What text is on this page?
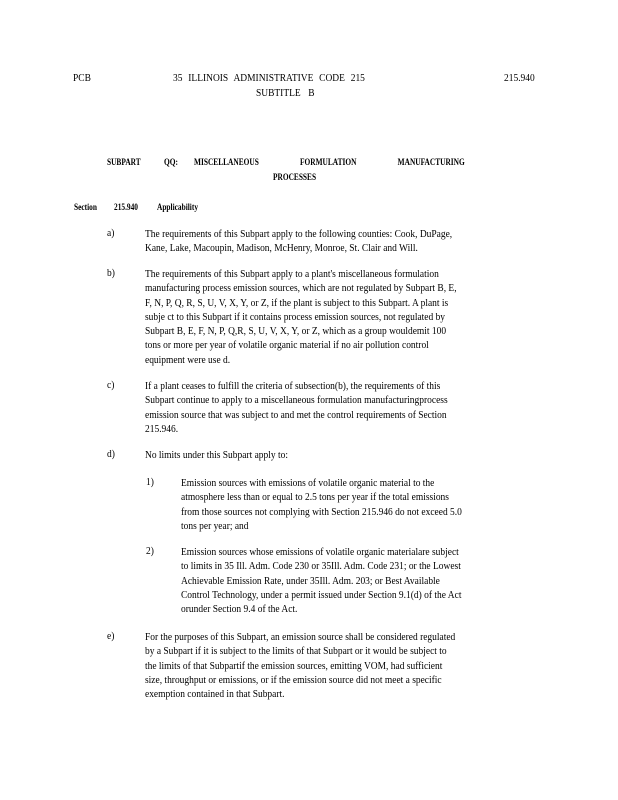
PCB	35 ILLINOIS ADMINISTRATIVE CODE 215
SUBTITLE B
215.940
SUBPART	QQ: MISCELLANEOUS FORMULATION MANUFACTURING
PROCESSES
Section 215.940 Applicability
a)	The requirements of this Subpart apply to the following counties: Cook, DuPage,
Kane, Lake, Macoupin, Madison, McHenry, Monroe, St. Clair and Will.
b)	The requirements of this Subpart apply to a plant's miscellaneous formulation
manufacturing process emission sources, which are not regulated by Subpart B, E,
F, N, P, Q, R, S, U, V, X, Y, or Z, if the plant is subject to this Subpart. A plant is
subje ct to this Subpart if it contains process emission sources, not regulated by
Subpart B, E, F, N, P, Q,R, S, U, V, X, Y, or Z, which as a group wouldemit 100
tons or more per year of volatile organic material if no air pollution control
equipment were use d.
c)	If a plant ceases to fulfill the criteria of subsection(b), the requirements of this
Subpart continue to apply to a miscellaneous formulation manufacturingprocess
emission source that was subject to and met the control requirements of Section
215.946.
d)	No limits under this Subpart apply to:
1) Emission sources with emissions of volatile organic material to the
atmosphere less than or equal to 2.5 tons per year if the total emissions
from those sources not complying with Section 215.946 do not exceed 5.0
tons per year; and
2) Emission sources whose emissions of volatile organic materialare subject
to limits in 35 Ill. Adm. Code 230 or 35Ill. Adm. Code 231; or the Lowest
Achievable Emission Rate, under 35Ill. Adm. 203; or Best Available
Control Technology, under a permit issued under Section 9.1(d) of the Act
orunder Section 9.4 of the Act.
e)	For the purposes of this Subpart, an emission source shall be considered regulated
by a Subpart if it is subject to the limits of that Subpart or it would be subject to
the limits of that Subpartif the emission sources, emitting VOM, had sufficient
size, throughput or emissions, or if the emission source did not meet a specific
exemption contained in that Subpart.
